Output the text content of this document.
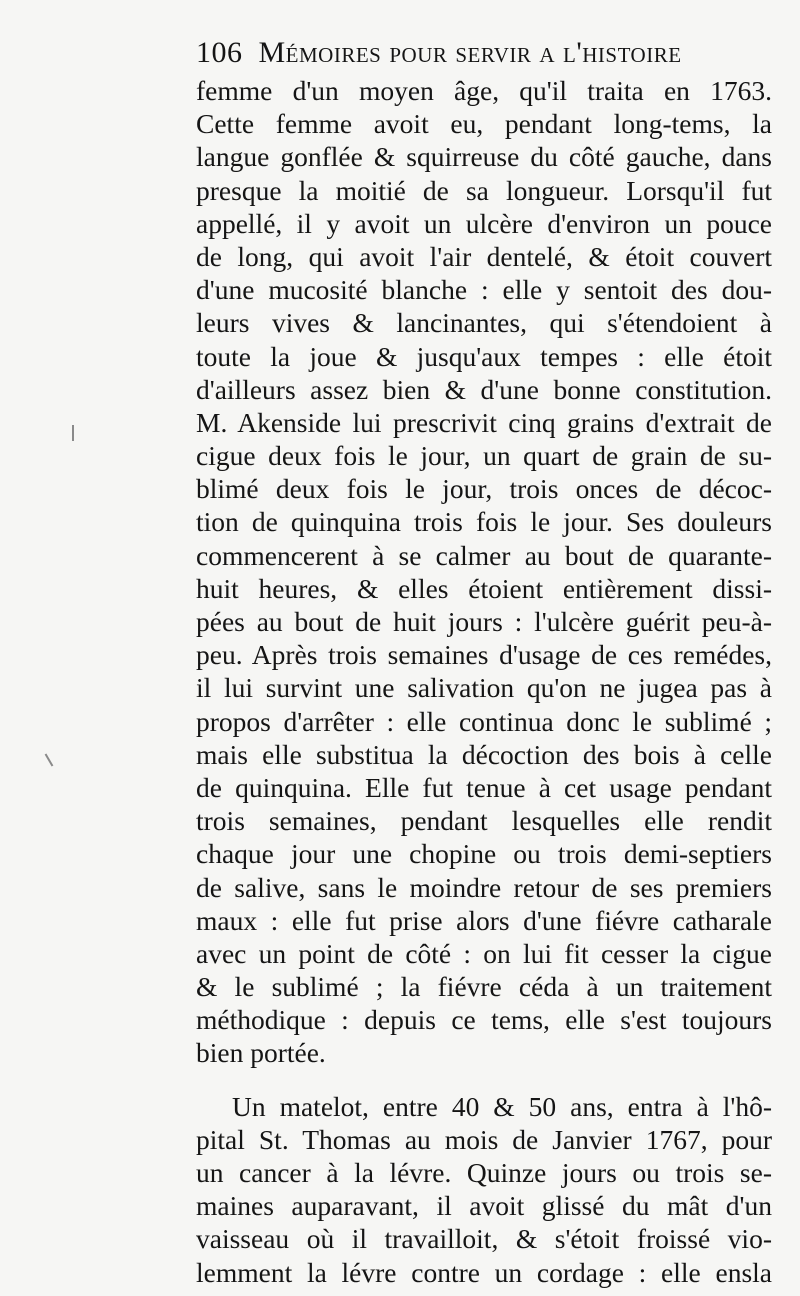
106 Mémoires pour servir a l'histoire
femme d'un moyen âge, qu'il traita en 1763.
Cette femme avoit eu, pendant long-tems, la
langue gonflée & squirreuse du côté gauche, dans
presque la moitié de sa longueur. Lorsqu'il fut
appellé, il y avoit un ulcère d'environ un pouce
de long, qui avoit l'air dentelé, & étoit couvert
d'une mucosité blanche : elle y sentoit des dou-
leurs vives & lancinantes, qui s'étendoient à
toute la joue & jusqu'aux tempes : elle étoit
d'ailleurs assez bien & d'une bonne constitution.
M. Akenside lui prescrivit cinq grains d'extrait de
cigue deux fois le jour, un quart de grain de su-
blimé deux fois le jour, trois onces de décoc-
tion de quinquina trois fois le jour. Ses douleurs
commencerent à se calmer au bout de quarante-
huit heures, & elles étoient entièrement dissi-
pées au bout de huit jours : l'ulcère guérit peu-à-
peu. Après trois semaines d'usage de ces remédes,
il lui survint une salivation qu'on ne jugea pas à
propos d'arrêter : elle continua donc le sublimé ;
mais elle substitua la décoction des bois à celle
de quinquina. Elle fut tenue à cet usage pendant
trois semaines, pendant lesquelles elle rendit
chaque jour une chopine ou trois demi-septiers
de salive, sans le moindre retour de ses premiers
maux : elle fut prise alors d'une fiévre catharale
avec un point de côté : on lui fit cesser la cigue
& le sublimé ; la fiévre céda à un traitement
méthodique : depuis ce tems, elle s'est toujours
bien portée.
Un matelot, entre 40 & 50 ans, entra à l'hô-
pital St. Thomas au mois de Janvier 1767, pour
un cancer à la lévre. Quinze jours ou trois se-
maines auparavant, il avoit glissé du mât d'un
vaisseau où il travailloit, & s'étoit froissé vio-
lemment la lévre contre un cordage : elle ensla
